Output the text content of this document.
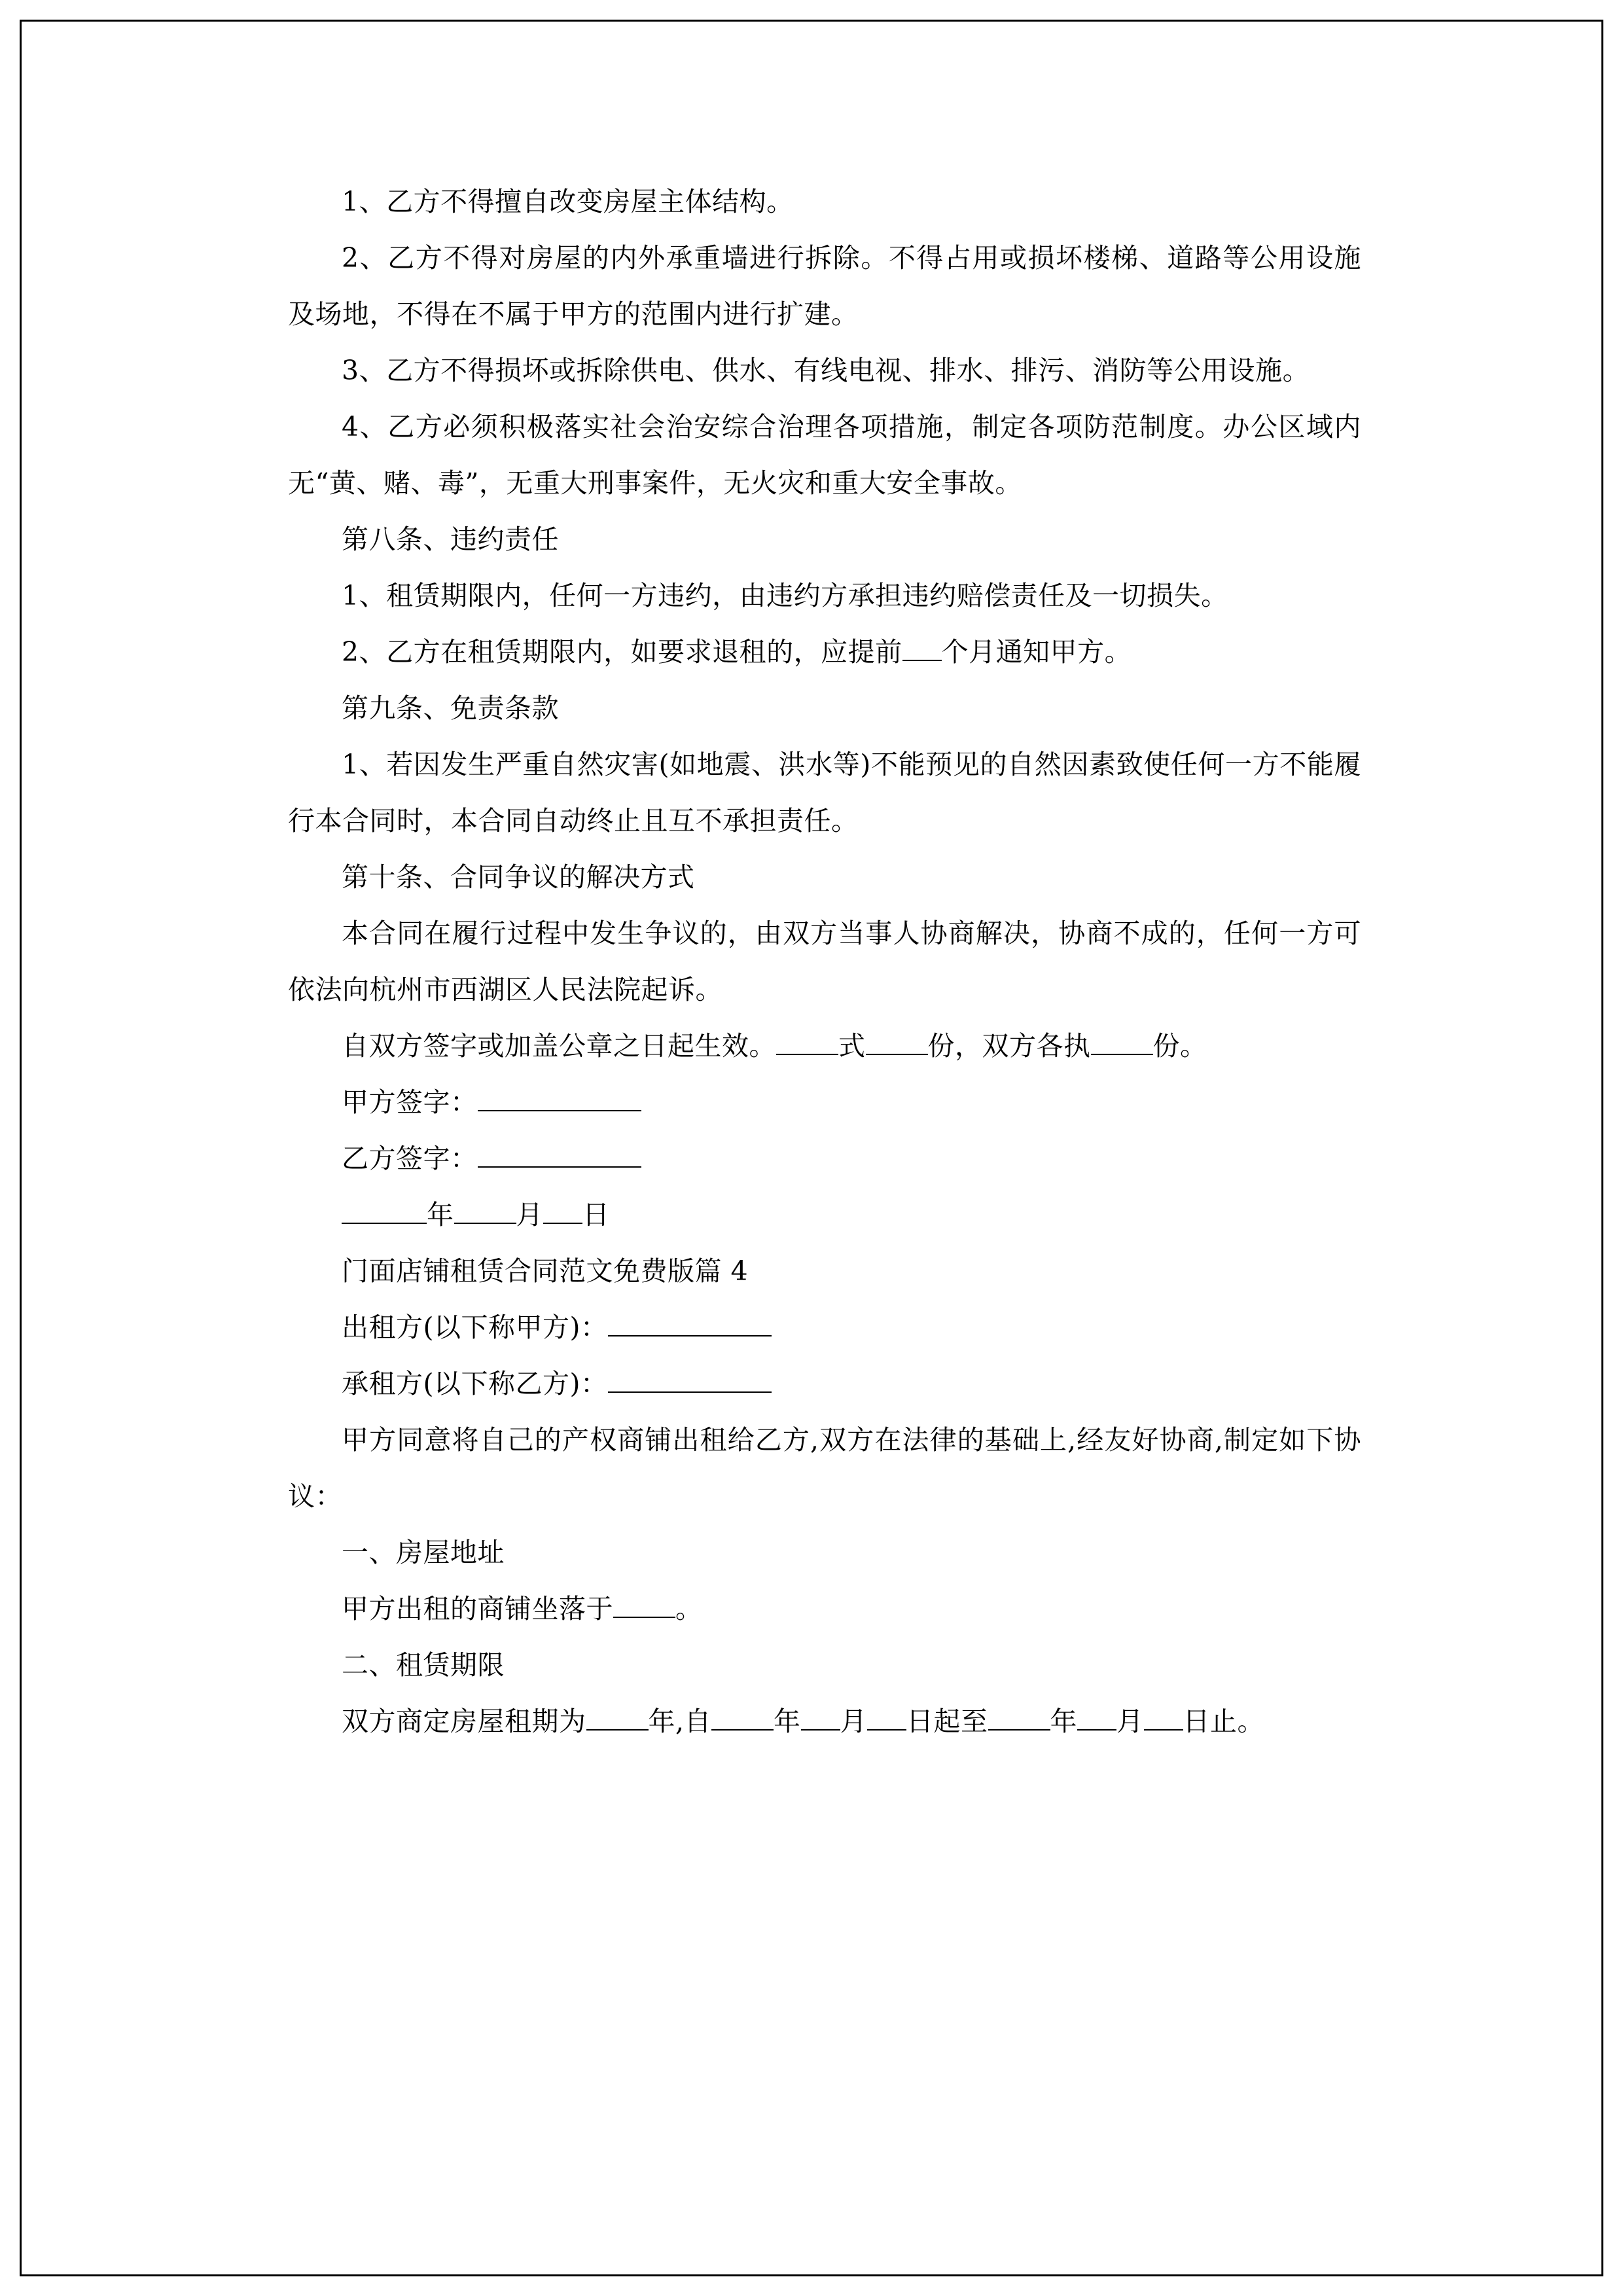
1、乙方不得擅自改变房屋主体结构。

2、乙方不得对房屋的内外承重墙进行拆除。不得占用或损坏楼梯、道路等公用设施及场地，不得在不属于甲方的范围内进行扩建。

3、乙方不得损坏或拆除供电、供水、有线电视、排水、排污、消防等公用设施。

4、乙方必须积极落实社会治安综合治理各项措施，制定各项防范制度。办公区域内无“黄、赌、毒”，无重大刑事案件，无火灾和重大安全事故。

第八条、违约责任

1、租赁期限内，任何一方违约，由违约方承担违约赔偿责任及一切损失。

2、乙方在租赁期限内，如要求退租的，应提前 个月通知甲方。

第九条、免责条款

1、若因发生严重自然灾害(如地震、洪水等)不能预见的自然因素致使任何一方不能履行本合同时，本合同自动终止且互不承担责任。

第十条、合同争议的解决方式

本合同在履行过程中发生争议的，由双方当事人协商解决，协商不成的，任何一方可依法向杭州市西湖区人民法院起诉。

自双方签字或加盖公章之日起生效。 式 份，双方各执 份。

甲方签字：

乙方签字：

年 月 日

门面店铺租赁合同范文免费版篇 4

出租方(以下称甲方)：

承租方(以下称乙方)：

甲方同意将自己的产权商铺出租给乙方,双方在法律的基础上,经友好协商,制定如下协议：

一、房屋地址

甲方出租的商铺坐落于 。

二、租赁期限

双方商定房屋租期为 年,自 年 月 日起至 年 月 日止。
